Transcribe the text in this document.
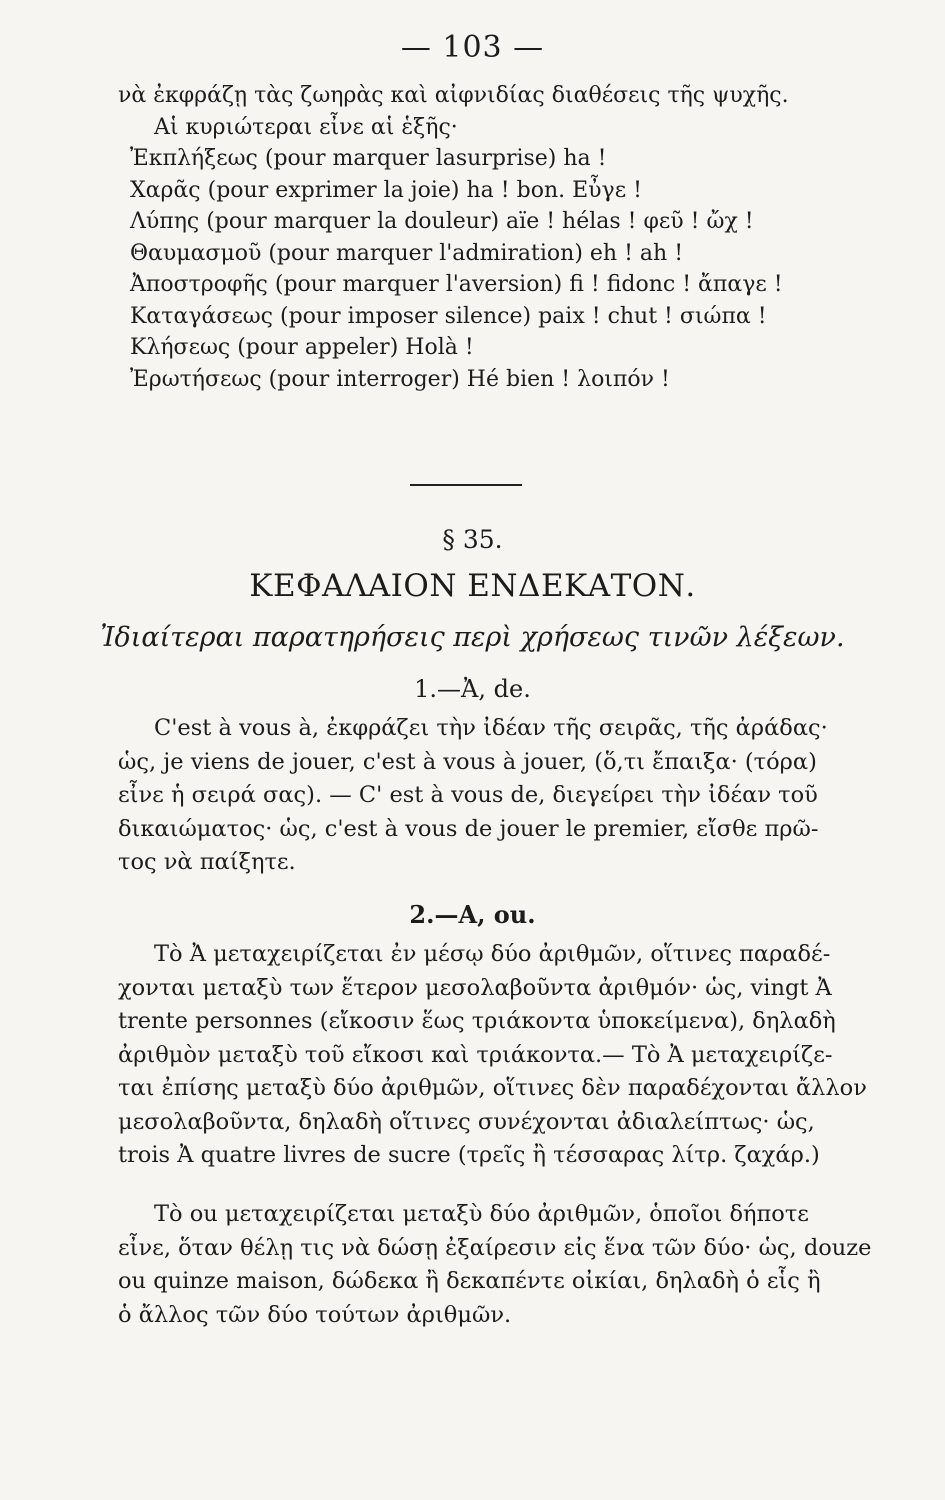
— 103 —
νὰ ἐκφράζῃ τὰς ζωηρὰς καὶ αἰφνιδίας διαθέσεις τῆς ψυχῆς.
Αἱ κυριώτεραι εἶνε αἱ ἑξῆς·
Ἐκπλήξεως (pour marquer lasurprise) ha !
Χαρᾶς (pour exprimer la joie) ha ! bon. Εὖγε !
Λύπης (pour marquer la douleur) aïe ! hélas ! φεῦ ! ὤχ !
Θαυμασμοῦ (pour marquer l'admiration) eh ! ah !
Ἀποστροφῆς (pour marquer l'aversion) fi ! fidonc ! ἄπαγε !
Καταγάσεως (pour imposer silence) paix ! chut ! σιώπα !
Κλήσεως (pour appeler) Holà !
Ἐρωτήσεως (pour interroger) Hé bien ! λοιπόν !
§ 35.
ΚΕΦΑΛΑΙΟΝ ΕΝΔΕΚΑΤΟΝ.
Ἰδιαίτεραι παρατηρήσεις περὶ χρήσεως τινῶν λέξεων.
1.—Ἀ, de.
C'est à vous à, ἐκφράζει τὴν ἰδέαν τῆς σειρᾶς, τῆς ἀράδας·
ὡς, je viens de jouer, c'est à vous à jouer, (ὅ,τι ἔπαιξα· (τόρα)
εἶνε ἡ σειρά σας). — C' est à vous de, διεγείρει τὴν ἰδέαν τοῦ
δικαιώματος· ὡς, c'est à vous de jouer le premier, εἴσθε πρῶ-
τος νὰ παίξητε.
2.—A, ou.
Τὸ Ἀ μεταχειρίζεται ἐν μέσῳ δύο ἀριθμῶν, οἵτινες παραδέ-
χονται μεταξὺ των ἕτερον μεσολαβοῦντα ἀριθμόν· ὡς, vingt Ἀ
trente personnes (εἴκοσιν ἕως τριάκοντα ὑποκείμενα), δηλαδὴ
ἀριθμὸν μεταξὺ τοῦ εἴκοσι καὶ τριάκοντα.— Τὸ Ἀ μεταχειρίζε-
ται ἐπίσης μεταξὺ δύο ἀριθμῶν, οἵτινες δὲν παραδέχονται ἄλλον
μεσολαβοῦντα, δηλαδὴ οἵτινες συνέχονται ἀδιαλείπτως· ὡς,
trois Ἀ quatre livres de sucre (τρεῖς ἢ τέσσαρας λίτρ. ζαχάρ.)
Τὸ ou μεταχειρίζεται μεταξὺ δύο ἀριθμῶν, ὁποῖοι δήποτε
εἶνε, ὅταν θέλῃ τις νὰ δώσῃ ἐξαίρεσιν εἰς ἕνα τῶν δύο· ὡς, douze
ou quinze maison, δώδεκα ἢ δεκαπέντε οἰκίαι, δηλαδὴ ὁ εἷς ἢ
ὁ ἄλλος τῶν δύο τούτων ἀριθμῶν.
